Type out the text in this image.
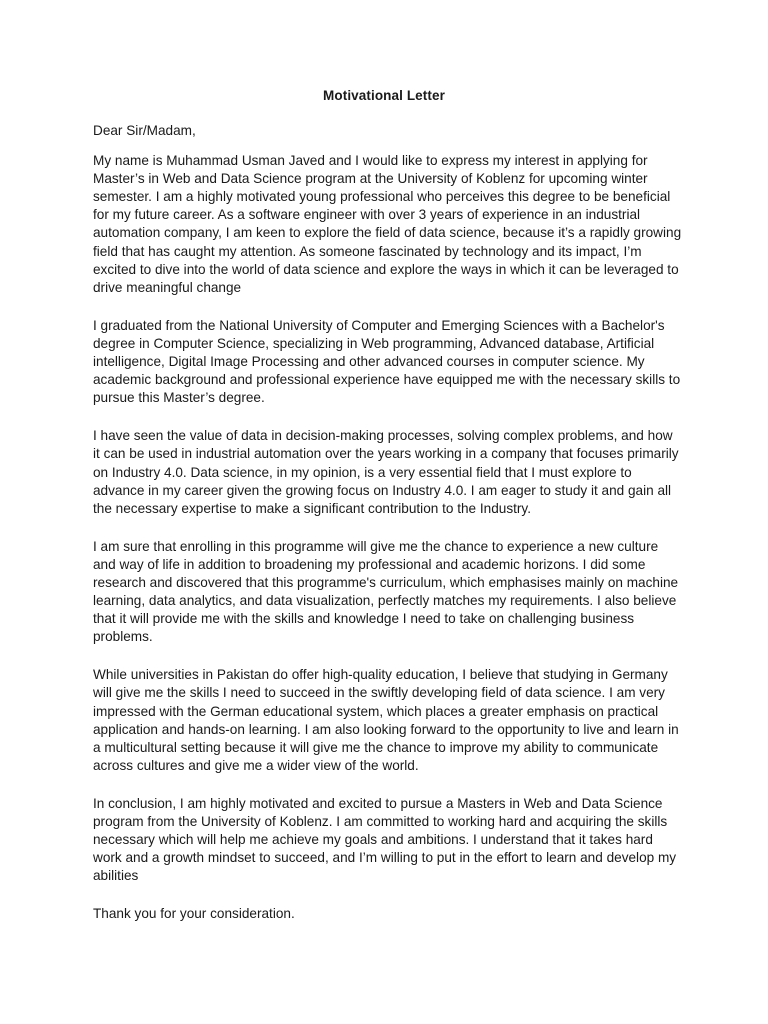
Motivational Letter

Dear Sir/Madam,

My name is Muhammad Usman Javed and I would like to express my interest in applying for Master’s in Web and Data Science program at the University of Koblenz for upcoming winter semester. I am a highly motivated young professional who perceives this degree to be beneficial for my future career. As a software engineer with over 3 years of experience in an industrial automation company, I am keen to explore the field of data science, because it’s a rapidly growing field that has caught my attention. As someone fascinated by technology and its impact, I’m excited to dive into the world of data science and explore the ways in which it can be leveraged to drive meaningful change

I graduated from the National University of Computer and Emerging Sciences with a Bachelor's degree in Computer Science, specializing in Web programming, Advanced database, Artificial intelligence, Digital Image Processing and other advanced courses in computer science. My academic background and professional experience have equipped me with the necessary skills to pursue this Master’s degree.

I have seen the value of data in decision-making processes, solving complex problems, and how it can be used in industrial automation over the years working in a company that focuses primarily on Industry 4.0. Data science, in my opinion, is a very essential field that I must explore to advance in my career given the growing focus on Industry 4.0. I am eager to study it and gain all the necessary expertise to make a significant contribution to the Industry.

I am sure that enrolling in this programme will give me the chance to experience a new culture and way of life in addition to broadening my professional and academic horizons. I did some research and discovered that this programme's curriculum, which emphasises mainly on machine learning, data analytics, and data visualization, perfectly matches my requirements. I also believe that it will provide me with the skills and knowledge I need to take on challenging business problems.

While universities in Pakistan do offer high-quality education, I believe that studying in Germany will give me the skills I need to succeed in the swiftly developing field of data science. I am very impressed with the German educational system, which places a greater emphasis on practical application and hands-on learning. I am also looking forward to the opportunity to live and learn in a multicultural setting because it will give me the chance to improve my ability to communicate across cultures and give me a wider view of the world.

In conclusion, I am highly motivated and excited to pursue a Masters in Web and Data Science program from the University of Koblenz. I am committed to working hard and acquiring the skills necessary which will help me achieve my goals and ambitions. I understand that it takes hard work and a growth mindset to succeed, and I’m willing to put in the effort to learn and develop my abilities

Thank you for your consideration.
